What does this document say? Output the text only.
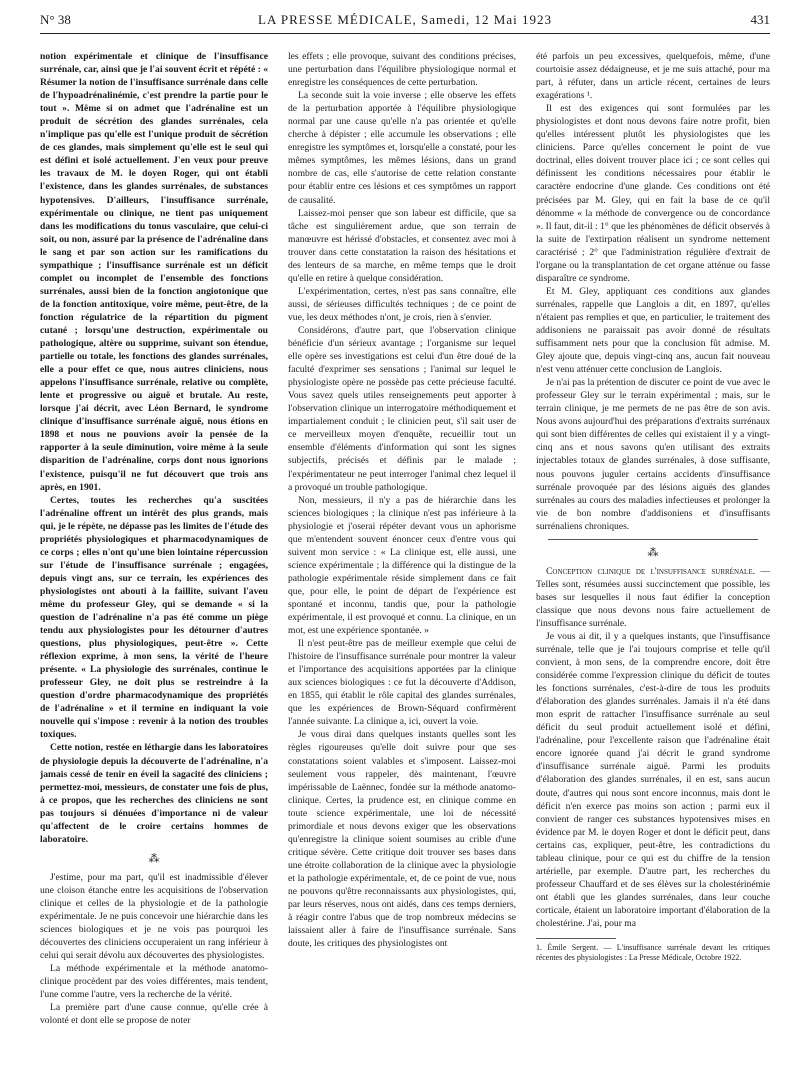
N° 38	LA PRESSE MÉDICALE, Samedi, 12 Mai 1923	431

notion expérimentale et clinique de l'insuffisance surrénale, car, ainsi que je l'ai souvent écrit et répété : « Résumer la notion de l'insuffisance surrénale dans celle de l'hypoadrénalinémie, c'est prendre la partie pour le tout ». Même si on admet que l'adrénaline est un produit de sécrétion des glandes surrénales, cela n'implique pas qu'elle est l'unique produit de sécrétion de ces glandes, mais simplement qu'elle est le seul qui est défini et isolé actuellement. J'en veux pour preuve les travaux de M. le doyen Roger, qui ont établi l'existence, dans les glandes surrénales, de substances hypotensives. D'ailleurs, l'insuffisance surrénale, expérimentale ou clinique, ne tient pas uniquement dans les modifications du tonus vasculaire, que celui-ci soit, ou non, assuré par la présence de l'adrénaline dans le sang et par son action sur les ramifications du sympathique ; l'insuffisance surrénale est un déficit complet ou incomplet de l'ensemble des fonctions surrénales, aussi bien de la fonction angiotonique que de la fonction antitoxique, voire même, peut-être, de la fonction régulatrice de la répartition du pigment cutané ; lorsqu'une destruction, expérimentale ou pathologique, altère ou supprime, suivant son étendue, partielle ou totale, les fonctions des glandes surrénales, elle a pour effet ce que, nous autres cliniciens, nous appelons l'insuffisance surrénale, relative ou complète, lente et progressive ou aiguë et brutale. Au reste, lorsque j'ai décrit, avec Léon Bernard, le syndrome clinique d'insuffisance surrénale aiguë, nous étions en 1898 et nous ne pouvions avoir la pensée de la rapporter à la seule diminution, voire même à la seule disparition de l'adrénaline, corps dont nous ignorions l'existence, puisqu'il ne fut découvert que trois ans après, en 1901.

Certes, toutes les recherches qu'a suscitées l'adrénaline offrent un intérêt des plus grands, mais qui, je le répète, ne dépasse pas les limites de l'étude des propriétés physiologiques et pharmacodynamiques de ce corps ; elles n'ont qu'une bien lointaine répercussion sur l'étude de l'insuffisance surrénale ; engagées, depuis vingt ans, sur ce terrain, les expériences des physiologistes ont abouti à la faillite, suivant l'aveu même du professeur Gley, qui se demande « si la question de l'adrénaline n'a pas été comme un piège tendu aux physiologistes pour les détourner d'autres questions, plus physiologiques, peut-être ». Cette réflexion exprime, à mon sens, la vérité de l'heure présente. « La physiologie des surrénales, continue le professeur Gley, ne doit plus se restreindre à la question d'ordre pharmacodynamique des propriétés de l'adrénaline » et il termine en indiquant la voie nouvelle qui s'impose : revenir à la notion des troubles toxiques.

Cette notion, restée en léthargie dans les laboratoires de physiologie depuis la découverte de l'adrénaline, n'a jamais cessé de tenir en éveil la sagacité des cliniciens ; permettez-moi, messieurs, de constater une fois de plus, à ce propos, que les recherches des cliniciens ne sont pas toujours si dénuées d'importance ni de valeur qu'affectent de le croire certains hommes de laboratoire.

⁂

J'estime, pour ma part, qu'il est inadmissible d'élever une cloison étanche entre les acquisitions de l'observation clinique et celles de la physiologie et de la pathologie expérimentale. Je ne puis concevoir une hiérarchie dans les sciences biologiques et je ne vois pas pourquoi les découvertes des cliniciens occuperaient un rang inférieur à celui qui serait dévolu aux découvertes des physiologistes.

La méthode expérimentale et la méthode anatomo-clinique procèdent par des voies différentes, mais tendent, l'une comme l'autre, vers la recherche de la vérité.

La première part d'une cause connue, qu'elle crée à volonté et dont elle se propose de noter

les effets ; elle provoque, suivant des conditions précises, une perturbation dans l'équilibre physiologique normal et enregistre les conséquences de cette perturbation.

La seconde suit la voie inverse ; elle observe les effets de la perturbation apportée à l'équilibre physiologique normal par une cause qu'elle n'a pas orientée et qu'elle cherche à dépister ; elle accumule les observations ; elle enregistre les symptômes et, lorsqu'elle a constaté, pour les mêmes symptômes, les mêmes lésions, dans un grand nombre de cas, elle s'autorise de cette relation constante pour établir entre ces lésions et ces symptômes un rapport de causalité.

Laissez-moi penser que son labeur est difficile, que sa tâche est singulièrement ardue, que son terrain de manœuvre est hérissé d'obstacles, et consentez avec moi à trouver dans cette constatation la raison des hésitations et des lenteurs de sa marche, en même temps que le droit qu'elle en retire à quelque considération.

L'expérimentation, certes, n'est pas sans connaître, elle aussi, de sérieuses difficultés techniques ; de ce point de vue, les deux méthodes n'ont, je crois, rien à s'envier.

Considérons, d'autre part, que l'observation clinique bénéficie d'un sérieux avantage ; l'organisme sur lequel elle opère ses investigations est celui d'un être doué de la faculté d'exprimer ses sensations ; l'animal sur lequel le physiologiste opère ne possède pas cette précieuse faculté. Vous savez quels utiles renseignements peut apporter à l'observation clinique un interrogatoire méthodiquement et impartialement conduit ; le clinicien peut, s'il sait user de ce merveilleux moyen d'enquête, recueillir tout un ensemble d'éléments d'information qui sont les signes subjectifs, précisés et définis par le malade ; l'expérimentateur ne peut interroger l'animal chez lequel il a provoqué un trouble pathologique.

Non, messieurs, il n'y a pas de hiérarchie dans les sciences biologiques ; la clinique n'est pas inférieure à la physiologie et j'oserai répéter devant vous un aphorisme que m'entendent souvent énoncer ceux d'entre vous qui suivent mon service : « La clinique est, elle aussi, une science expérimentale ; la différence qui la distingue de la pathologie expérimentale réside simplement dans ce fait que, pour elle, le point de départ de l'expérience est spontané et inconnu, tandis que, pour la pathologie expérimentale, il est provoqué et connu. La clinique, en un mot, est une expérience spontanée. »

Il n'est peut-être pas de meilleur exemple que celui de l'histoire de l'insuffisance surrénale pour montrer la valeur et l'importance des acquisitions apportées par la clinique aux sciences biologiques : ce fut la découverte d'Addison, en 1855, qui établit le rôle capital des glandes surrénales, que les expériences de Brown-Séquard confirmèrent l'année suivante. La clinique a, ici, ouvert la voie.

Je vous dirai dans quelques instants quelles sont les règles rigoureuses qu'elle doit suivre pour que ses constatations soient valables et s'imposent. Laissez-moi seulement vous rappeler, dès maintenant, l'œuvre impérissable de Laënnec, fondée sur la méthode anatomo-clinique. Certes, la prudence est, en clinique comme en toute science expérimentale, une loi de nécessité primordiale et nous devons exiger que les observations qu'enregistre la clinique soient soumises au crible d'une critique sévère. Cette critique doit trouver ses bases dans une étroite collaboration de la clinique avec la physiologie et la pathologie expérimentale, et, de ce point de vue, nous ne pouvons qu'être reconnaissants aux physiologistes, qui, par leurs réserves, nous ont aidés, dans ces temps derniers, à réagir contre l'abus que de trop nombreux médecins se laissaient aller à faire de l'insuffisance surrénale. Sans doute, les critiques des physiologistes ont

été parfois un peu excessives, quelquefois, même, d'une courtoisie assez dédaigneuse, et je me suis attaché, pour ma part, à réfuter, dans un article récent, certaines de leurs exagérations ¹.

Il est des exigences qui sont formulées par les physiologistes et dont nous devons faire notre profit, bien qu'elles intéressent plutôt les physiologistes que les cliniciens. Parce qu'elles concernent le point de vue doctrinal, elles doivent trouver place ici ; ce sont celles qui définissent les conditions nécessaires pour établir le caractère endocrine d'une glande. Ces conditions ont été précisées par M. Gley, qui en fait la base de ce qu'il dénomme « la méthode de convergence ou de concordance ». Il faut, dit-il : 1° que les phénomènes de déficit observés à la suite de l'extirpation réalisent un syndrome nettement caractérisé ; 2° que l'administration régulière d'extrait de l'organe ou la transplantation de cet organe atténue ou fasse disparaître ce syndrome.

Et M. Gley, appliquant ces conditions aux glandes surrénales, rappelle que Langlois a dit, en 1897, qu'elles n'étaient pas remplies et que, en particulier, le traitement des addisoniens ne paraissait pas avoir donné de résultats suffisamment nets pour que la conclusion fût admise. M. Gley ajoute que, depuis vingt-cinq ans, aucun fait nouveau n'est venu atténuer cette conclusion de Langlois.

Je n'ai pas la prétention de discuter ce point de vue avec le professeur Gley sur le terrain expérimental ; mais, sur le terrain clinique, je me permets de ne pas être de son avis. Nous avons aujourd'hui des préparations d'extraits surrénaux qui sont bien différentes de celles qui existaient il y a vingt-cinq ans et nous savons qu'en utilisant des extraits injectables totaux de glandes surrénales, à dose suffisante, nous pouvons juguler certains accidents d'insuffisance surrénale provoquée par des lésions aiguës des glandes surrénales au cours des maladies infectieuses et prolonger la vie de bon nombre d'addisoniens et d'insuffisants surrénaliens chroniques.

⁂

Conception clinique de l'insuffisance surrénale. — Telles sont, résumées aussi succinctement que possible, les bases sur lesquelles il nous faut édifier la conception classique que nous devons nous faire actuellement de l'insuffisance surrénale.

Je vous ai dit, il y a quelques instants, que l'insuffisance surrénale, telle que je l'ai toujours comprise et telle qu'il convient, à mon sens, de la comprendre encore, doit être considérée comme l'expression clinique du déficit de toutes les fonctions surrénales, c'est-à-dire de tous les produits d'élaboration des glandes surrénales. Jamais il n'a été dans mon esprit de rattacher l'insuffisance surrénale au seul déficit du seul produit actuellement isolé et défini, l'adrénaline, pour l'excellente raison que l'adrénaline était encore ignorée quand j'ai décrit le grand syndrome d'insuffisance surrénale aiguë. Parmi les produits d'élaboration des glandes surrénales, il en est, sans aucun doute, d'autres qui nous sont encore inconnus, mais dont le déficit n'en exerce pas moins son action ; parmi eux il convient de ranger ces substances hypotensives mises en évidence par M. le doyen Roger et dont le déficit peut, dans certains cas, expliquer, peut-être, les contradictions du tableau clinique, pour ce qui est du chiffre de la tension artérielle, par exemple. D'autre part, les recherches du professeur Chauffard et de ses élèves sur la cholestérinémie ont établi que les glandes surrénales, dans leur couche corticale, étaient un laboratoire important d'élaboration de la cholestérine. J'ai, pour ma

1. Émile Sergent. — L'insuffisance surrénale devant les critiques récentes des physiologistes : La Presse Médicale, Octobre 1922.
